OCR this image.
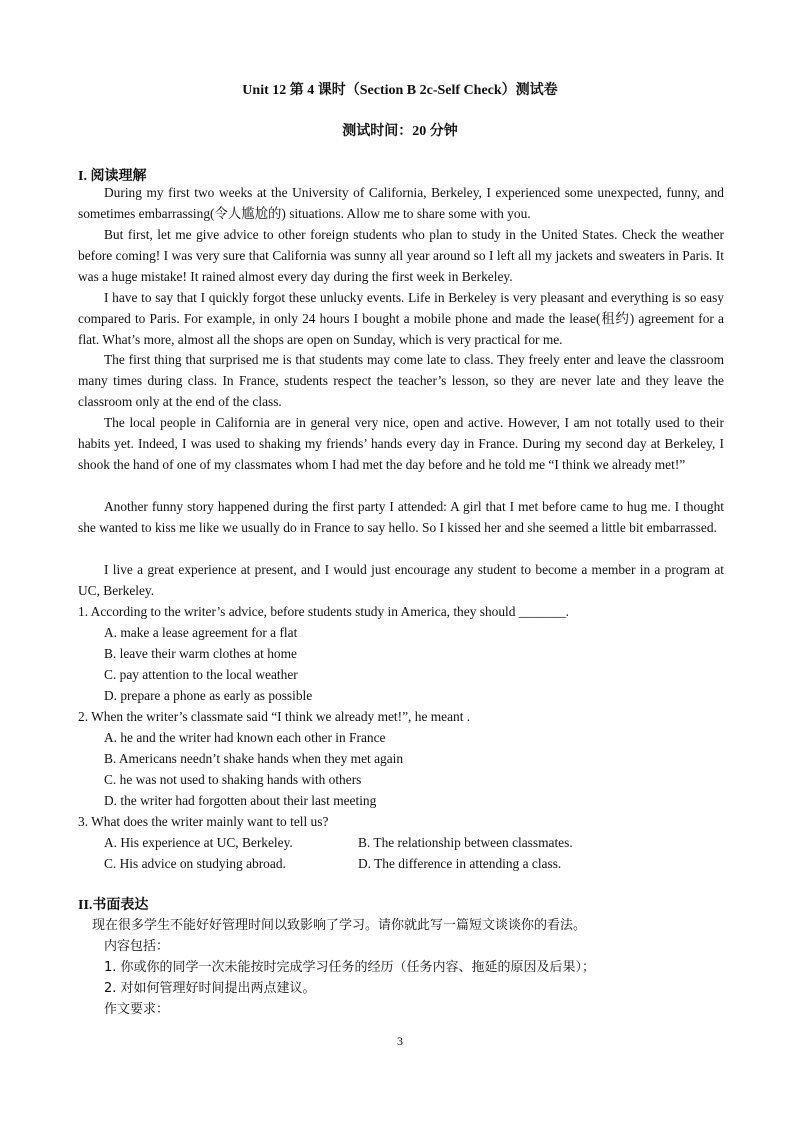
Unit 12 第 4 课时（Section B 2c-Self Check）测试卷
测试时间：20 分钟
I. 阅读理解

During my first two weeks at the University of California, Berkeley, I experienced some unexpected, funny, and sometimes embarrassing(令人尴尬的) situations. Allow me to share some with you.

But first, let me give advice to other foreign students who plan to study in the United States. Check the weather before coming! I was very sure that California was sunny all year around so I left all my jackets and sweaters in Paris. It was a huge mistake! It rained almost every day during the first week in Berkeley.

I have to say that I quickly forgot these unlucky events. Life in Berkeley is very pleasant and everything is so easy compared to Paris. For example, in only 24 hours I bought a mobile phone and made the lease(租约) agreement for a flat. What’s more, almost all the shops are open on Sunday, which is very practical for me.

The first thing that surprised me is that students may come late to class. They freely enter and leave the classroom many times during class. In France, students respect the teacher’s lesson, so they are never late and they leave the classroom only at the end of the class.

The local people in California are in general very nice, open and active. However, I am not totally used to their habits yet. Indeed, I was used to shaking my friends’ hands every day in France. During my second day at Berkeley, I shook the hand of one of my classmates whom I had met the day before and he told me “I think we already met!”

Another funny story happened during the first party I attended: A girl that I met before came to hug me. I thought she wanted to kiss me like we usually do in France to say hello. So I kissed her and she seemed a little bit embarrassed.

I live a great experience at present, and I would just encourage any student to become a member in a program at UC, Berkeley.

1. According to the writer’s advice, before students study in America, they should _______.

A. make a lease agreement for a flat

B. leave their warm clothes at home

C. pay attention to the local weather

D. prepare a phone as early as possible

2. When the writer’s classmate said “I think we already met!”, he meant .

A. he and the writer had known each other in France

B. Americans needn’t shake hands when they met again

C. he was not used to shaking hands with others

D. the writer had forgotten about their last meeting

3. What does the writer mainly want to tell us?

A. His experience at UC, Berkeley.	B. The relationship between classmates.

C. His advice on studying abroad.	D. The difference in attending a class.

II.书面表达

现在很多学生不能好好管理时间以致影响了学习。请你就此写一篇短文谈谈你的看法。

内容包括：

1. 你或你的同学一次未能按时完成学习任务的经历（任务内容、拖延的原因及后果）；

2. 对如何管理好时间提出两点建议。

作文要求：

3
